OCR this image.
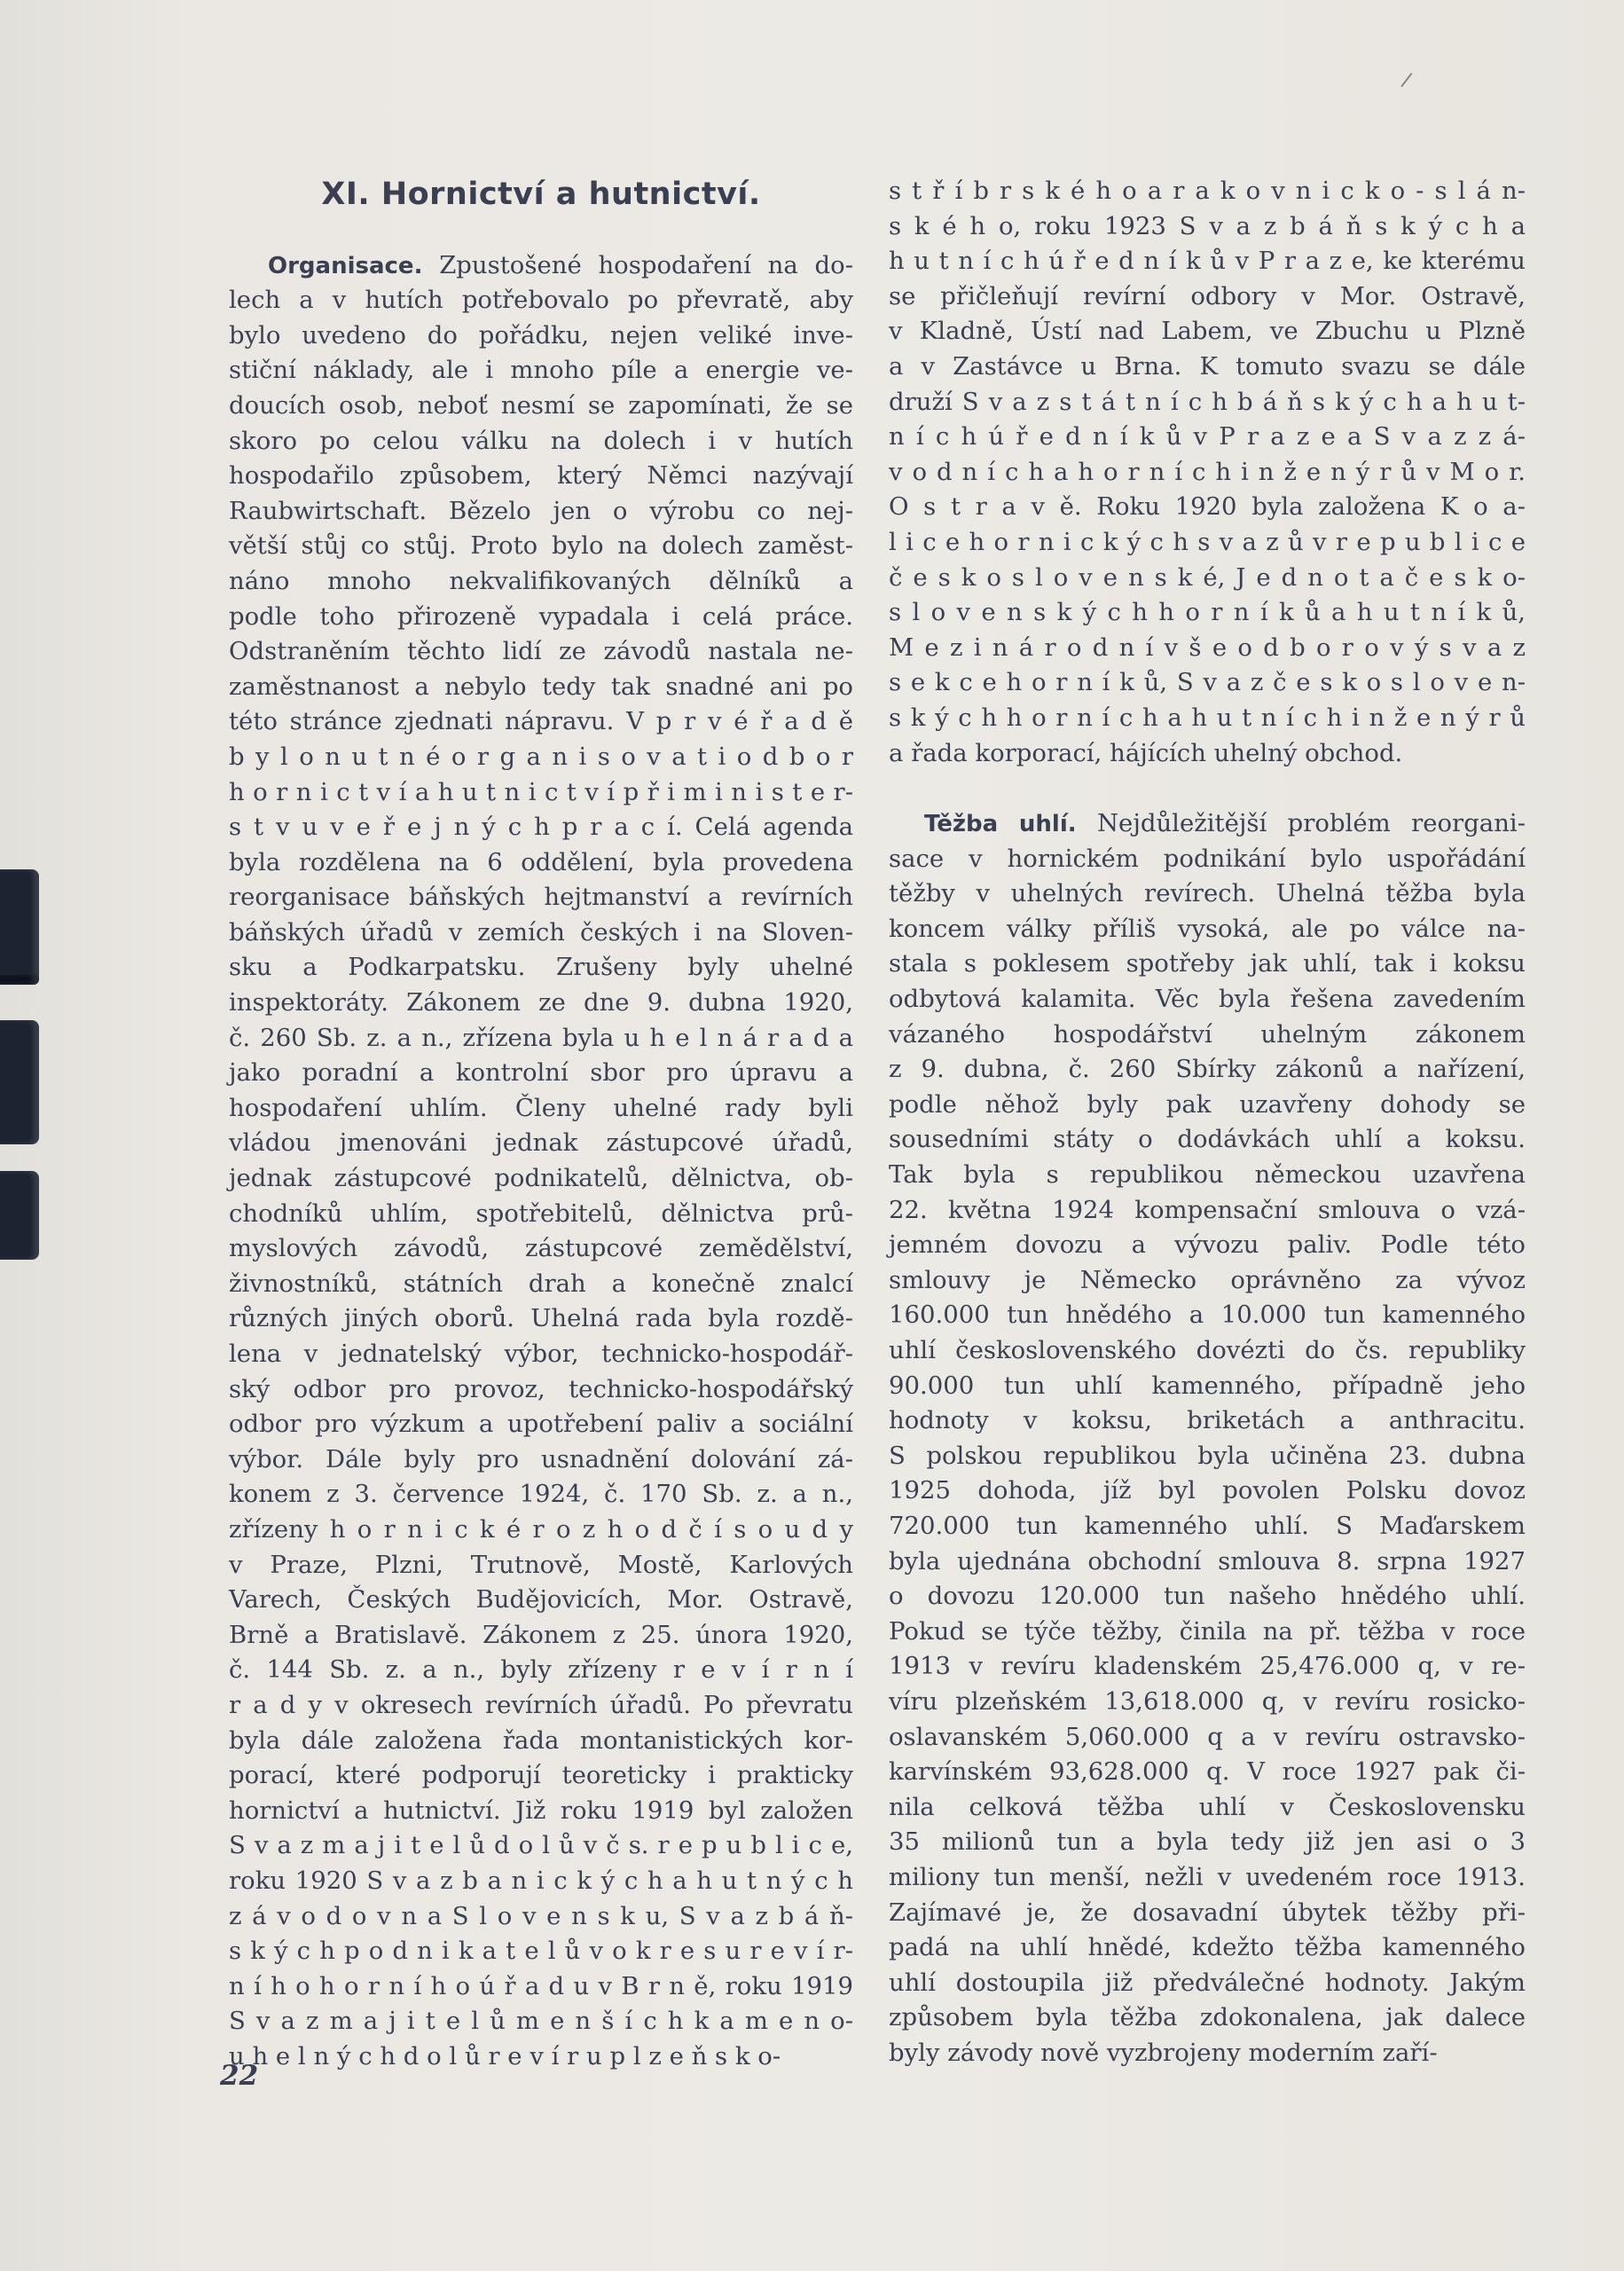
/
XI. Hornictví a hutnictví.
Organisace. Zpustošené hospodaření na do-
lech a v hutích potřebovalo po převratě, aby
bylo uvedeno do pořádku, nejen veliké inve-
stiční náklady, ale i mnoho píle a energie ve-
doucích osob, neboť nesmí se zapomínati, že se
skoro po celou válku na dolech i v hutích
hospodařilo způsobem, který Němci nazývají
Raubwirtschaft. Bězelo jen o výrobu co nej-
větší stůj co stůj. Proto bylo na dolech zaměst-
náno mnoho nekvalifikovaných dělníků a
podle toho přirozeně vypadala i celá práce.
Odstraněním těchto lidí ze závodů nastala ne-
zaměstnanost a nebylo tedy tak snadné ani po
této stránce zjednati nápravu. V p r v é ř a d ě
b y l o n u t n é o r g a n i s o v a t i o d b o r
h o r n i c t v í a h u t n i c t v í p ř i m i n i s t e r-
s t v u v e ř e j n ý c h p r a c í. Celá agenda
byla rozdělena na 6 oddělení, byla provedena
reorganisace báňských hejtmanství a revírních
báňských úřadů v zemích českých i na Sloven-
sku a Podkarpatsku. Zrušeny byly uhelné
inspektoráty. Zákonem ze dne 9. dubna 1920,
č. 260 Sb. z. a n., zřízena byla u h e l n á r a d a
jako poradní a kontrolní sbor pro úpravu a
hospodaření uhlím. Členy uhelné rady byli
vládou jmenováni jednak zástupcové úřadů,
jednak zástupcové podnikatelů, dělnictva, ob-
chodníků uhlím, spotřebitelů, dělnictva prů-
myslových závodů, zástupcové zemědělství,
živnostníků, státních drah a konečně znalcí
různých jiných oborů. Uhelná rada byla rozdě-
lena v jednatelský výbor, technicko-hospodář-
ský odbor pro provoz, technicko-hospodářský
odbor pro výzkum a upotřebení paliv a sociální
výbor. Dále byly pro usnadnění dolování zá-
konem z 3. července 1924, č. 170 Sb. z. a n.,
zřízeny h o r n i c k é r o z h o d č í s o u d y
v Praze, Plzni, Trutnově, Mostě, Karlových
Varech, Českých Budějovicích, Mor. Ostravě,
Brně a Bratislavě. Zákonem z 25. února 1920,
č. 144 Sb. z. a n., byly zřízeny r e v í r n í
r a d y v okresech revírních úřadů. Po převratu
byla dále založena řada montanistických kor-
porací, které podporují teoreticky i prakticky
hornictví a hutnictví. Již roku 1919 byl založen
S v a z m a j i t e l ů d o l ů v č s. r e p u b l i c e,
roku 1920 S v a z b a n i c k ý c h a h u t n ý c h
z á v o d o v n a S l o v e n s k u, S v a z b á ň-
s k ý c h p o d n i k a t e l ů v o k r e s u r e v í r-
n í h o h o r n í h o ú ř a d u v B r n ě, roku 1919
S v a z m a j i t e l ů m e n š í c h k a m e n o-
u h e l n ý c h d o l ů r e v í r u p l z e ň s k o-
s t ř í b r s k é h o a r a k o v n i c k o - s l á n-
s k é h o, roku 1923 S v a z b á ň s k ý c h a
h u t n í c h ú ř e d n í k ů v P r a z e, ke kterému
se přičleňují revírní odbory v Mor. Ostravě,
v Kladně, Ústí nad Labem, ve Zbuchu u Plzně
a v Zastávce u Brna. K tomuto svazu se dále
druží S v a z s t á t n í c h b á ň s k ý c h a h u t-
n í c h ú ř e d n í k ů v P r a z e a S v a z z á-
v o d n í c h a h o r n í c h i n ž e n ý r ů v M o r.
O s t r a v ě. Roku 1920 byla založena K o a-
l i c e h o r n i c k ý c h s v a z ů v r e p u b l i c e
č e s k o s l o v e n s k é, J e d n o t a č e s k o-
s l o v e n s k ý c h h o r n í k ů a h u t n í k ů,
M e z i n á r o d n í v š e o d b o r o v ý s v a z
s e k c e h o r n í k ů, S v a z č e s k o s l o v e n-
s k ý c h h o r n í c h a h u t n í c h i n ž e n ý r ů
a řada korporací, hájících uhelný obchod.
Těžba uhlí. Nejdůležitější problém reorgani-
sace v hornickém podnikání bylo uspořádání
těžby v uhelných revírech. Uhelná těžba byla
koncem války příliš vysoká, ale po válce na-
stala s poklesem spotřeby jak uhlí, tak i koksu
odbytová kalamita. Věc byla řešena zavedením
vázaného hospodářství uhelným zákonem
z 9. dubna, č. 260 Sbírky zákonů a nařízení,
podle něhož byly pak uzavřeny dohody se
sousedními státy o dodávkách uhlí a koksu.
Tak byla s republikou německou uzavřena
22. května 1924 kompensační smlouva o vzá-
jemném dovozu a vývozu paliv. Podle této
smlouvy je Německo oprávněno za vývoz
160.000 tun hnědého a 10.000 tun kamenného
uhlí československého dovézti do čs. republiky
90.000 tun uhlí kamenného, případně jeho
hodnoty v koksu, briketách a anthracitu.
S polskou republikou byla učiněna 23. dubna
1925 dohoda, jíž byl povolen Polsku dovoz
720.000 tun kamenného uhlí. S Maďarskem
byla ujednána obchodní smlouva 8. srpna 1927
o dovozu 120.000 tun našeho hnědého uhlí.
Pokud se týče těžby, činila na př. těžba v roce
1913 v revíru kladenském 25,476.000 q, v re-
víru plzeňském 13,618.000 q, v revíru rosicko-
oslavanském 5,060.000 q a v revíru ostravsko-
karvínském 93,628.000 q. V roce 1927 pak či-
nila celková těžba uhlí v Československu
35 milionů tun a byla tedy již jen asi o 3
miliony tun menší, nežli v uvedeném roce 1913.
Zajímavé je, že dosavadní úbytek těžby při-
padá na uhlí hnědé, kdežto těžba kamenného
uhlí dostoupila již předválečné hodnoty. Jakým
způsobem byla těžba zdokonalena, jak dalece
byly závody nově vyzbrojeny moderním zaří-
22
